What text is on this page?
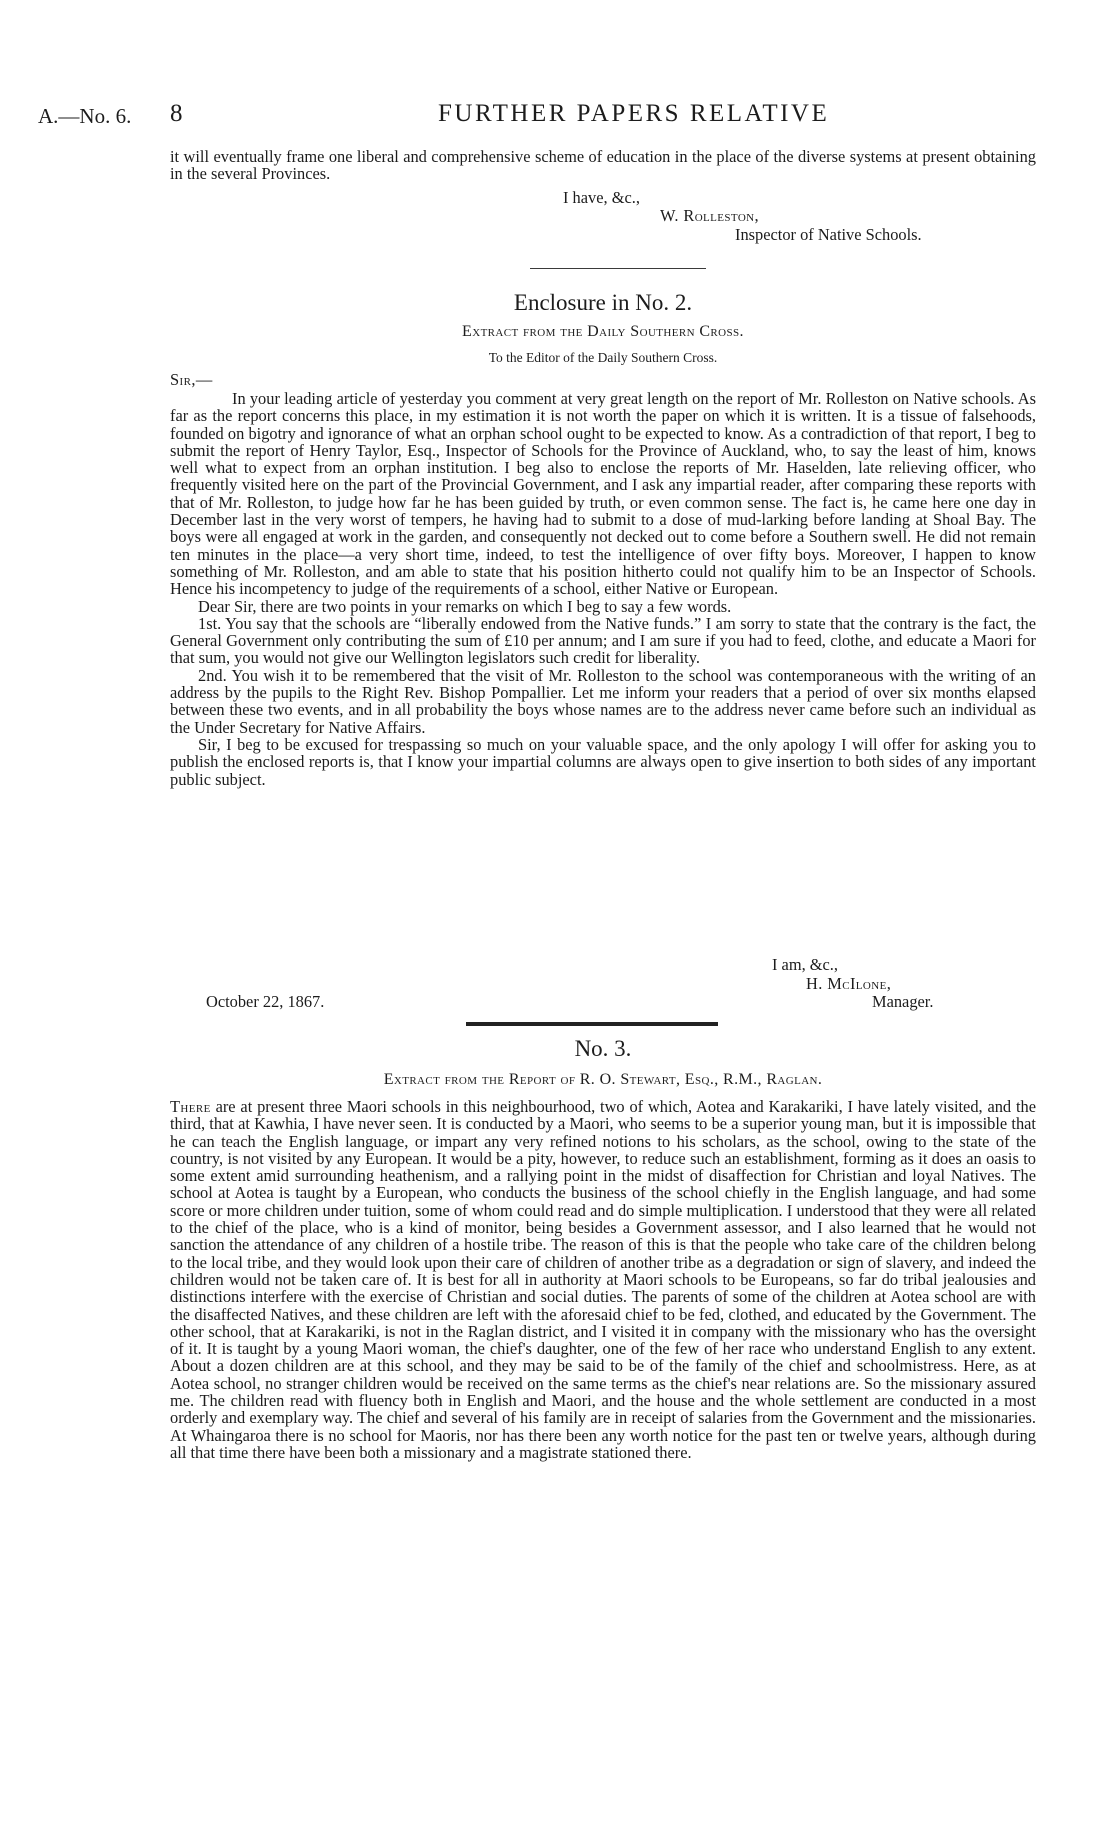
A.—No. 6. 8	FURTHER PAPERS RELATIVE

it will eventually frame one liberal and comprehensive scheme of education in the place of the diverse systems at present obtaining in the several Provinces.

I have, &c.,
W. Rolleston,
Inspector of Native Schools.
Enclosure in No. 2.
Extract from the Daily Southern Cross.
To the Editor of the Daily Southern Cross.
Sir,—

In your leading article of yesterday you comment at very great length on the report of Mr. Rolleston on Native schools. As far as the report concerns this place, in my estimation it is not worth the paper on which it is written. It is a tissue of falsehoods, founded on bigotry and ignorance of what an orphan school ought to be expected to know. As a contradiction of that report, I beg to submit the report of Henry Taylor, Esq., Inspector of Schools for the Province of Auckland, who, to say the least of him, knows well what to expect from an orphan institution. I beg also to enclose the reports of Mr. Haselden, late relieving officer, who frequently visited here on the part of the Provincial Government, and I ask any impartial reader, after comparing these reports with that of Mr. Rolleston, to judge how far he has been guided by truth, or even common sense. The fact is, he came here one day in December last in the very worst of tempers, he having had to submit to a dose of mud-larking before landing at Shoal Bay. The boys were all engaged at work in the garden, and consequently not decked out to come before a Southern swell. He did not remain ten minutes in the place—a very short time, indeed, to test the intelligence of over fifty boys. Moreover, I happen to know something of Mr. Rolleston, and am able to state that his position hitherto could not qualify him to be an Inspector of Schools. Hence his incompetency to judge of the requirements of a school, either Native or European.

Dear Sir, there are two points in your remarks on which I beg to say a few words.

1st. You say that the schools are “liberally endowed from the Native funds.” I am sorry to state that the contrary is the fact, the General Government only contributing the sum of £10 per annum; and I am sure if you had to feed, clothe, and educate a Maori for that sum, you would not give our Wellington legislators such credit for liberality.

2nd. You wish it to be remembered that the visit of Mr. Rolleston to the school was contemporaneous with the writing of an address by the pupils to the Right Rev. Bishop Pompallier. Let me inform your readers that a period of over six months elapsed between these two events, and in all probability the boys whose names are to the address never came before such an individual as the Under Secretary for Native Affairs.

Sir, I beg to be excused for trespassing so much on your valuable space, and the only apology I will offer for asking you to publish the enclosed reports is, that I know your impartial columns are always open to give insertion to both sides of any important public subject.

I am, &c.,
H. McIlone,
Manager.
October 22, 1867.
No. 3.
Extract from the Report of R. O. Stewart, Esq., R.M., Raglan.

There are at present three Maori schools in this neighbourhood, two of which, Aotea and Karakariki, I have lately visited, and the third, that at Kawhia, I have never seen. It is conducted by a Maori, who seems to be a superior young man, but it is impossible that he can teach the English language, or impart any very refined notions to his scholars, as the school, owing to the state of the country, is not visited by any European. It would be a pity, however, to reduce such an establishment, forming as it does an oasis to some extent amid surrounding heathenism, and a rallying point in the midst of disaffection for Christian and loyal Natives. The school at Aotea is taught by a European, who conducts the business of the school chiefly in the English language, and had some score or more children under tuition, some of whom could read and do simple multiplication. I understood that they were all related to the chief of the place, who is a kind of monitor, being besides a Government assessor, and I also learned that he would not sanction the attendance of any children of a hostile tribe. The reason of this is that the people who take care of the children belong to the local tribe, and they would look upon their care of children of another tribe as a degradation or sign of slavery, and indeed the children would not be taken care of. It is best for all in authority at Maori schools to be Europeans, so far do tribal jealousies and distinctions interfere with the exercise of Christian and social duties. The parents of some of the children at Aotea school are with the disaffected Natives, and these children are left with the aforesaid chief to be fed, clothed, and educated by the Government. The other school, that at Karakariki, is not in the Raglan district, and I visited it in company with the missionary who has the oversight of it. It is taught by a young Maori woman, the chief's daughter, one of the few of her race who understand English to any extent. About a dozen children are at this school, and they may be said to be of the family of the chief and schoolmistress. Here, as at Aotea school, no stranger children would be received on the same terms as the chief's near relations are. So the missionary assured me. The children read with fluency both in English and Maori, and the house and the whole settlement are conducted in a most orderly and exemplary way. The chief and several of his family are in receipt of salaries from the Government and the missionaries. At Whaingaroa there is no school for Maoris, nor has there been any worth notice for the past ten or twelve years, although during all that time there have been both a missionary and a magistrate stationed there.
